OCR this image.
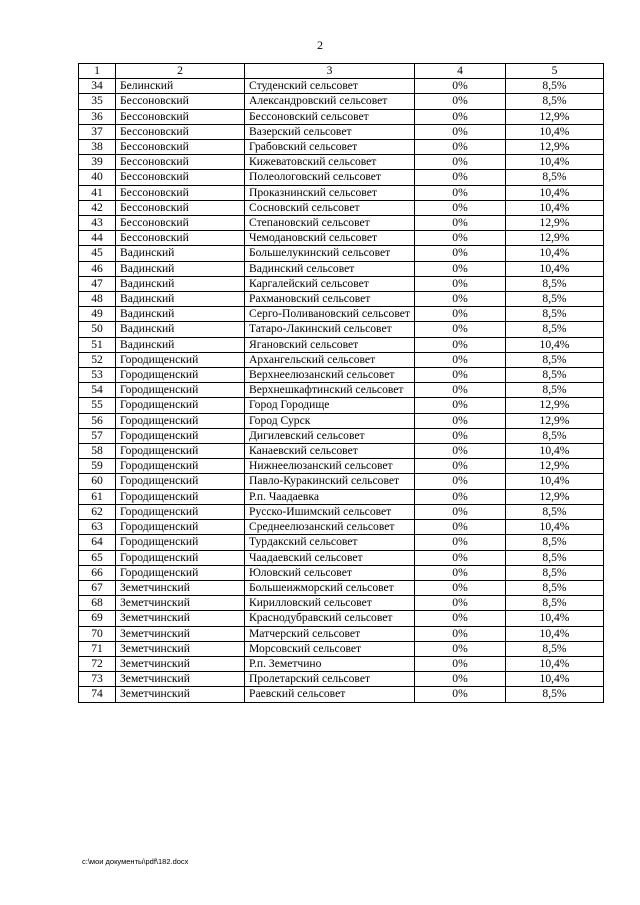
2
1	2	3	4	5
34	Белинский	Студенский сельсовет	0%	8,5%
35	Бессоновский	Александровский сельсовет	0%	8,5%
36	Бессоновский	Бессоновский сельсовет	0%	12,9%
37	Бессоновский	Вазерский сельсовет	0%	10,4%
38	Бессоновский	Грабовский сельсовет	0%	12,9%
39	Бессоновский	Кижеватовский сельсовет	0%	10,4%
40	Бессоновский	Полеологовский сельсовет	0%	8,5%
41	Бессоновский	Проказнинский сельсовет	0%	10,4%
42	Бессоновский	Сосновский сельсовет	0%	10,4%
43	Бессоновский	Степановский сельсовет	0%	12,9%
44	Бессоновский	Чемодановский сельсовет	0%	12,9%
45	Вадинский	Большелукинский сельсовет	0%	10,4%
46	Вадинский	Вадинский сельсовет	0%	10,4%
47	Вадинский	Каргалейский сельсовет	0%	8,5%
48	Вадинский	Рахмановский сельсовет	0%	8,5%
49	Вадинский	Серго-Поливановский сельсовет	0%	8,5%
50	Вадинский	Татаро-Лакинский сельсовет	0%	8,5%
51	Вадинский	Ягановский сельсовет	0%	10,4%
52	Городищенский	Архангельский сельсовет	0%	8,5%
53	Городищенский	Верхнеелюзанский сельсовет	0%	8,5%
54	Городищенский	Верхнешкафтинский сельсовет	0%	8,5%
55	Городищенский	Город Городище	0%	12,9%
56	Городищенский	Город Сурск	0%	12,9%
57	Городищенский	Дигилевский сельсовет	0%	8,5%
58	Городищенский	Канаевский сельсовет	0%	10,4%
59	Городищенский	Нижнеелюзанский сельсовет	0%	12,9%
60	Городищенский	Павло-Куракинский сельсовет	0%	10,4%
61	Городищенский	Р.п. Чаадаевка	0%	12,9%
62	Городищенский	Русско-Ишимский сельсовет	0%	8,5%
63	Городищенский	Среднеелюзанский сельсовет	0%	10,4%
64	Городищенский	Турдакский сельсовет	0%	8,5%
65	Городищенский	Чаадаевский сельсовет	0%	8,5%
66	Городищенский	Юловский сельсовет	0%	8,5%
67	Земетчинский	Большеижморский сельсовет	0%	8,5%
68	Земетчинский	Кирилловский сельсовет	0%	8,5%
69	Земетчинский	Краснодубравский сельсовет	0%	10,4%
70	Земетчинский	Матчерский сельсовет	0%	10,4%
71	Земетчинский	Морсовский сельсовет	0%	8,5%
72	Земетчинский	Р.п. Земетчино	0%	10,4%
73	Земетчинский	Пролетарский сельсовет	0%	10,4%
74	Земетчинский	Раевский сельсовет	0%	8,5%
c:\мои документы\pdf\182.docx
